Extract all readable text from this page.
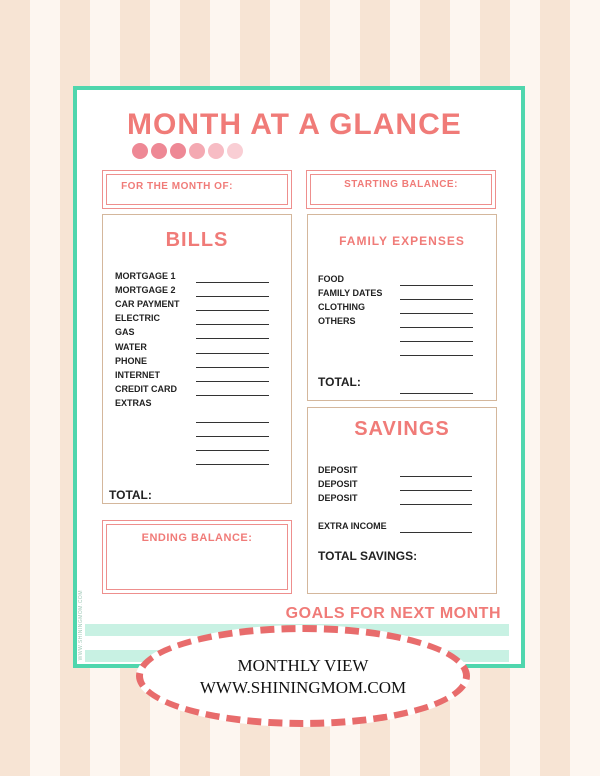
MONTH AT A GLANCE
FOR THE MONTH OF:	STARTING BALANCE:
BILLS
TOTAL:
MORTGAGE 1
MORTGAGE 2
CAR PAYMENT
ELECTRIC
GAS
WATER
PHONE
INTERNET
CREDIT CARD
EXTRAS
FAMILY EXPENSES
TOTAL:
FOOD
FAMILY DATES
CLOTHING
OTHERS
SAVINGS
EXTRA INCOME
TOTAL SAVINGS:
DEPOSIT
DEPOSIT
DEPOSIT
ENDING BALANCE:
GOALS FOR NEXT MONTH
WWW.SHININGMOM.COM
MONTHLY VIEW
WWW.SHININGMOM.COM
